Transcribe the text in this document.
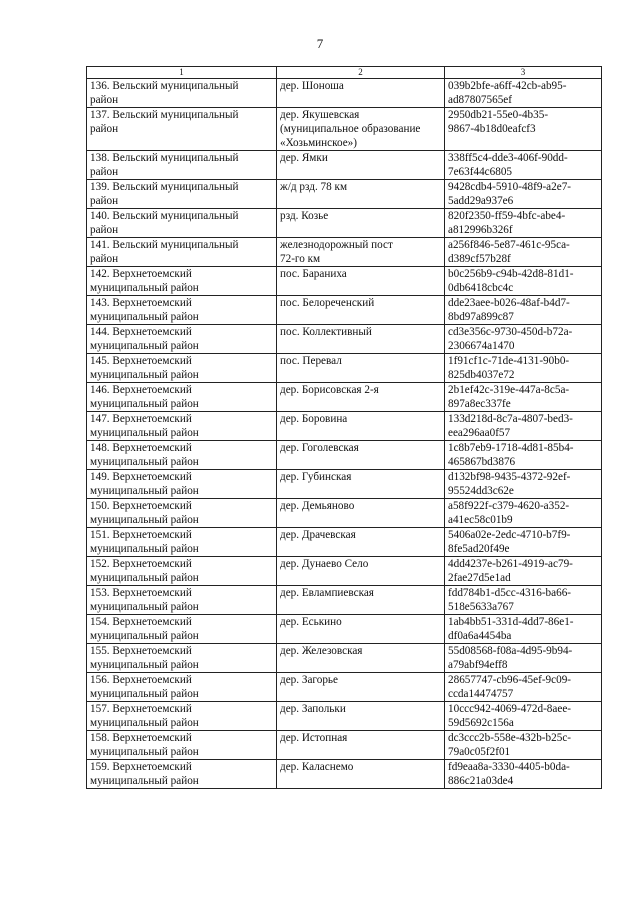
7
1	2	3

136. Вельский муниципальный
район	дер. Шоноша	039b2bfe-a6ff-42cb-ab95-
ad87807565ef

137. Вельский муниципальный
район	дер. Якушевская
(муниципальное образование
«Хозьминское»)	2950db21-55e0-4b35-
9867-4b18d0eafcf3

138. Вельский муниципальный
район	дер. Ямки	338ff5c4-dde3-406f-90dd-
7e63f44c6805

139. Вельский муниципальный
район	ж/д рзд. 78 км	9428cdb4-5910-48f9-a2e7-
5add29a937e6

140. Вельский муниципальный
район	рзд. Козье	820f2350-ff59-4bfc-abe4-
a812996b326f

141. Вельский муниципальный
район	железнодорожный пост
72-го км	a256f846-5e87-461c-95ca-
d389cf57b28f

142. Верхнетоемский
муниципальный район	пос. Бараниха	b0c256b9-c94b-42d8-81d1-
0db6418cbc4c

143. Верхнетоемский
муниципальный район	пос. Белореченский	dde23aee-b026-48af-b4d7-
8bd97a899c87

144. Верхнетоемский
муниципальный район	пос. Коллективный	cd3e356c-9730-450d-b72a-
2306674a1470

145. Верхнетоемский
муниципальный район	пос. Перевал	1f91cf1c-71de-4131-90b0-
825db4037e72

146. Верхнетоемский
муниципальный район	дер. Борисовская 2-я	2b1ef42c-319e-447a-8c5a-
897a8ec337fe

147. Верхнетоемский
муниципальный район	дер. Боровина	133d218d-8c7a-4807-bed3-
eea296aa0f57

148. Верхнетоемский
муниципальный район	дер. Гоголевская	1c8b7eb9-1718-4d81-85b4-
465867bd3876

149. Верхнетоемский
муниципальный район	дер. Губинская	d132bf98-9435-4372-92ef-
95524dd3c62e

150. Верхнетоемский
муниципальный район	дер. Демьяново	a58f922f-c379-4620-a352-
a41ec58c01b9

151. Верхнетоемский
муниципальный район	дер. Драчевская	5406a02e-2edc-4710-b7f9-
8fe5ad20f49e

152. Верхнетоемский
муниципальный район	дер. Дунаево Село	4dd4237e-b261-4919-ac79-
2fae27d5e1ad

153. Верхнетоемский
муниципальный район	дер. Евлампиевская	fdd784b1-d5cc-4316-ba66-
518e5633a767

154. Верхнетоемский
муниципальный район	дер. Еськино	1ab4bb51-331d-4dd7-86e1-
df0a6a4454ba

155. Верхнетоемский
муниципальный район	дер. Железовская	55d08568-f08a-4d95-9b94-
a79abf94eff8

156. Верхнетоемский
муниципальный район	дер. Загорье	28657747-cb96-45ef-9c09-
ccda14474757

157. Верхнетоемский
муниципальный район	дер. Запольки	10ccc942-4069-472d-8aee-
59d5692c156a

158. Верхнетоемский
муниципальный район	дер. Истопная	dc3ccc2b-558e-432b-b25c-
79a0c05f2f01

159. Верхнетоемский
муниципальный район	дер. Каласнемо	fd9eaa8a-3330-4405-b0da-
886c21a03de4
